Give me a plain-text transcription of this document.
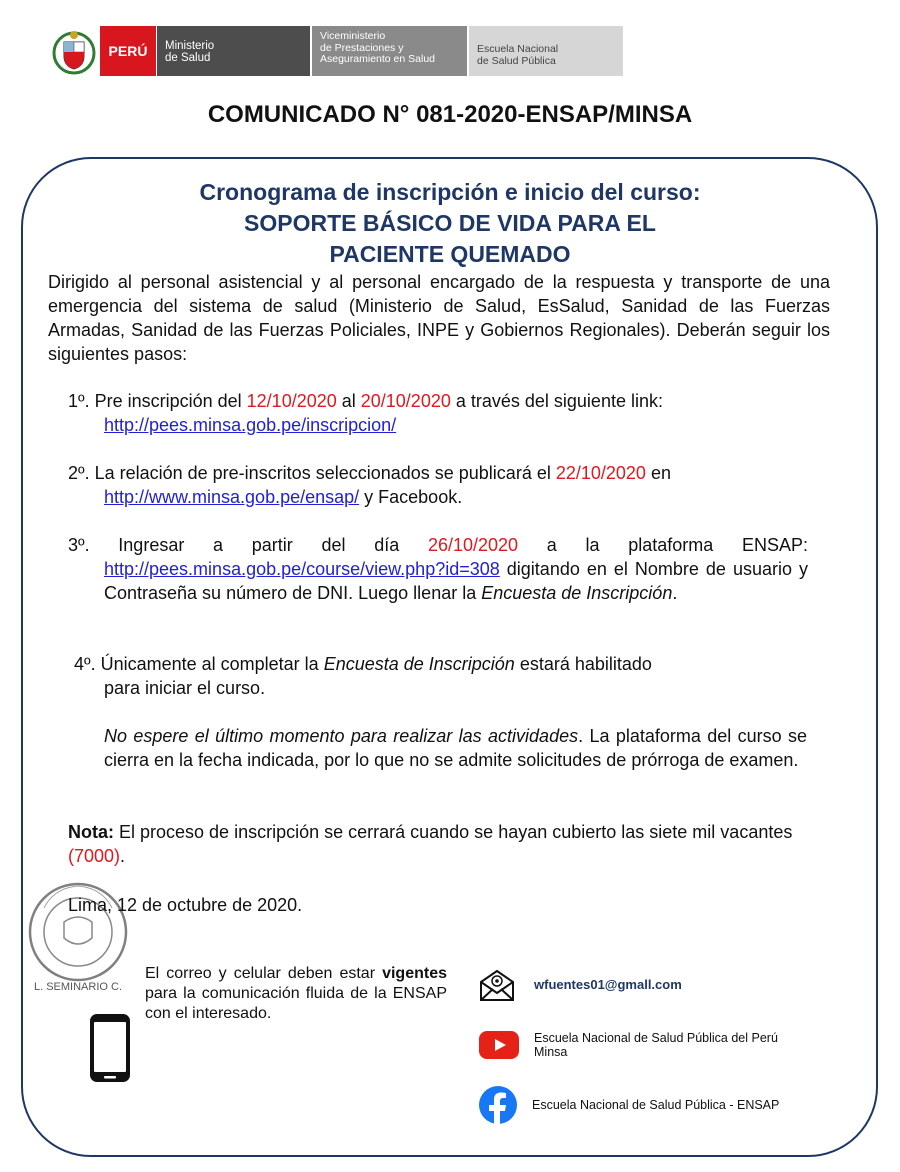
PERÚ	Ministerio
de Salud
Viceministerio
de Prestaciones y
Aseguramiento en Salud
Escuela Nacional
de Salud Pública
COMUNICADO N° 081-2020-ENSAP/MINSA
Cronograma de inscripción e inicio del curso:
SOPORTE BÁSICO DE VIDA PARA EL
PACIENTE QUEMADO
Dirigido al personal asistencial y al personal encargado de la respuesta y transporte de una emergencia del sistema de salud (Ministerio de Salud, EsSalud, Sanidad de las Fuerzas Armadas, Sanidad de las Fuerzas Policiales, INPE y Gobiernos Regionales). Deberán seguir los siguientes pasos:
1º. Pre inscripción del 12/10/2020 al 20/10/2020 a través del siguiente link:
http://pees.minsa.gob.pe/inscripcion/
2º. La relación de pre-inscritos seleccionados se publicará el 22/10/2020 en
http://www.minsa.gob.pe/ensap/ y Facebook.
3º. Ingresar a partir del día 26/10/2020 a la plataforma ENSAP:
http://pees.minsa.gob.pe/course/view.php?id=308 digitando en el Nombre de usuario y Contraseña su número de DNI. Luego llenar la Encuesta de Inscripción.
4º. Únicamente al completar la Encuesta de Inscripción estará habilitado
para iniciar el curso.
No espere el último momento para realizar las actividades. La plataforma del curso se cierra en la fecha indicada, por lo que no se admite solicitudes de prórroga de examen.
Nota: El proceso de inscripción se cerrará cuando se hayan cubierto las siete mil vacantes (7000).
L. SEMINARIO C.
Lima, 12 de octubre de 2020.
El correo y celular deben estar vigentes para la comunicación fluida de la ENSAP con el interesado.
wfuentes01@gmall.com
Escuela Nacional de Salud Pública del Perú
Minsa
Escuela Nacional de Salud Pública - ENSAP
